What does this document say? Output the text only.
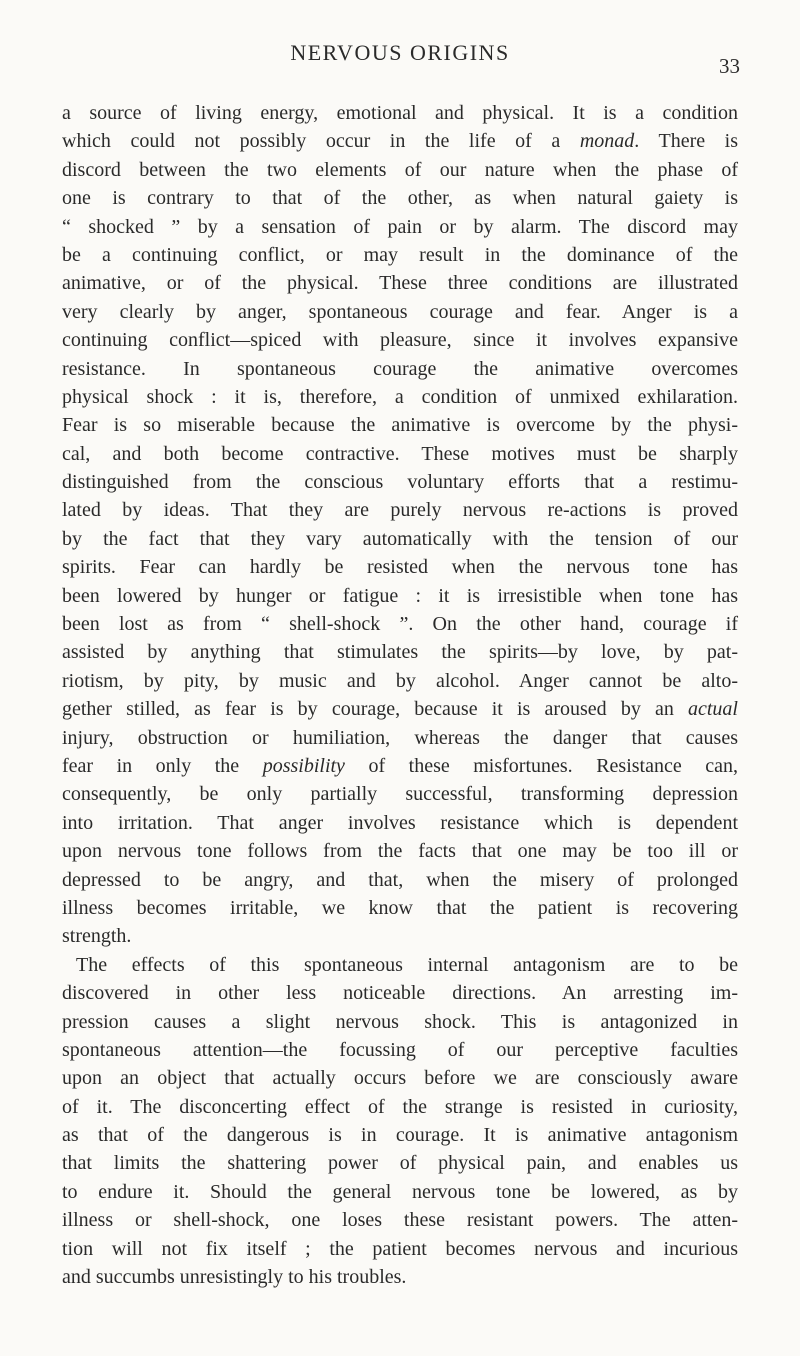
NERVOUS ORIGINS
33
a source of living energy, emotional and physical. It is a condition
which could not possibly occur in the life of a monad. There is
discord between the two elements of our nature when the phase of
one is contrary to that of the other, as when natural gaiety is
“ shocked ” by a sensation of pain or by alarm. The discord may
be a continuing conflict, or may result in the dominance of the
animative, or of the physical. These three conditions are illustrated
very clearly by anger, spontaneous courage and fear. Anger is a
continuing conflict—spiced with pleasure, since it involves expansive
resistance. In spontaneous courage the animative overcomes
physical shock : it is, therefore, a condition of unmixed exhilaration.
Fear is so miserable because the animative is overcome by the physi-
cal, and both become contractive. These motives must be sharply
distinguished from the conscious voluntary efforts that a restimu-
lated by ideas. That they are purely nervous re-actions is proved
by the fact that they vary automatically with the tension of our
spirits. Fear can hardly be resisted when the nervous tone has
been lowered by hunger or fatigue : it is irresistible when tone has
been lost as from “ shell-shock ”. On the other hand, courage if
assisted by anything that stimulates the spirits—by love, by pat-
riotism, by pity, by music and by alcohol. Anger cannot be alto-
gether stilled, as fear is by courage, because it is aroused by an actual
injury, obstruction or humiliation, whereas the danger that causes
fear in only the possibility of these misfortunes. Resistance can,
consequently, be only partially successful, transforming depression
into irritation. That anger involves resistance which is dependent
upon nervous tone follows from the facts that one may be too ill or
depressed to be angry, and that, when the misery of prolonged
illness becomes irritable, we know that the patient is recovering
strength.
The effects of this spontaneous internal antagonism are to be
discovered in other less noticeable directions. An arresting im-
pression causes a slight nervous shock. This is antagonized in
spontaneous attention—the focussing of our perceptive faculties
upon an object that actually occurs before we are consciously aware
of it. The disconcerting effect of the strange is resisted in curiosity,
as that of the dangerous is in courage. It is animative antagonism
that limits the shattering power of physical pain, and enables us
to endure it. Should the general nervous tone be lowered, as by
illness or shell-shock, one loses these resistant powers. The atten-
tion will not fix itself ; the patient becomes nervous and incurious
and succumbs unresistingly to his troubles.
